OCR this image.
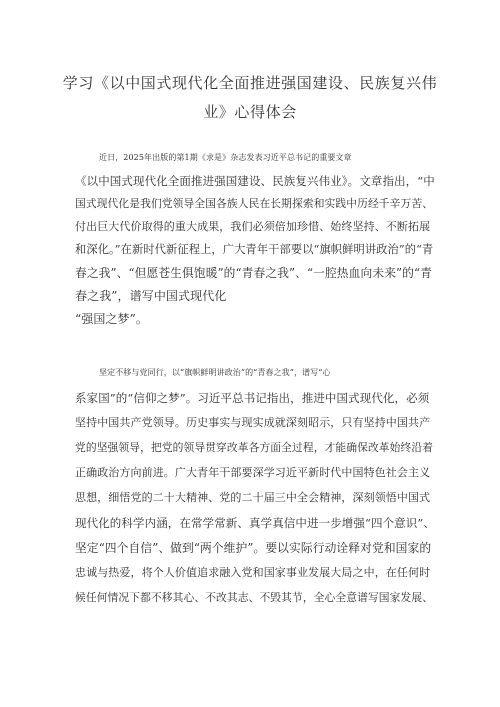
学习《以中国式现代化全面推进强国建设、民族复兴伟
业》心得体会
近日，2025年出版的第1期《求是》杂志发表习近平总书记的重要文章
《以中国式现代化全面推进强国建设、民族复兴伟业》。文章指出，“中
国式现代化是我们党领导全国各族人民在长期探索和实践中历经千辛万苦、
付出巨大代价取得的重大成果，我们必须倍加珍惜、始终坚持、不断拓展
和深化。”在新时代新征程上，广大青年干部要以“旗帜鲜明讲政治”的“青
春之我”、“但愿苍生俱饱暖”的“青春之我”、“一腔热血向未来”的“青
春之我”，谱写中国式现代化
“强国之梦”。
坚定不移与党同行，以“旗帜鲜明讲政治”的“青春之我”，谱写“心
系家国”的“信仰之梦”。习近平总书记指出，推进中国式现代化，必须
坚持中国共产党领导。历史事实与现实成就深刻昭示，只有坚持中国共产
党的坚强领导，把党的领导贯穿改革各方面全过程，才能确保改革始终沿着
正确政治方向前进。广大青年干部要深学习近平新时代中国特色社会主义
思想，细悟党的二十大精神、党的二十届三中全会精神，深刻领悟中国式
现代化的科学内涵，在常学常新、真学真信中进一步增强“四个意识”、
坚定“四个自信”、做到“两个维护”。要以实际行动诠释对党和国家的
忠诚与热爱，将个人价值追求融入党和国家事业发展大局之中，在任何时
候任何情况下都不移其心、不改其志、不毁其节，全心全意谱写国家发展、
